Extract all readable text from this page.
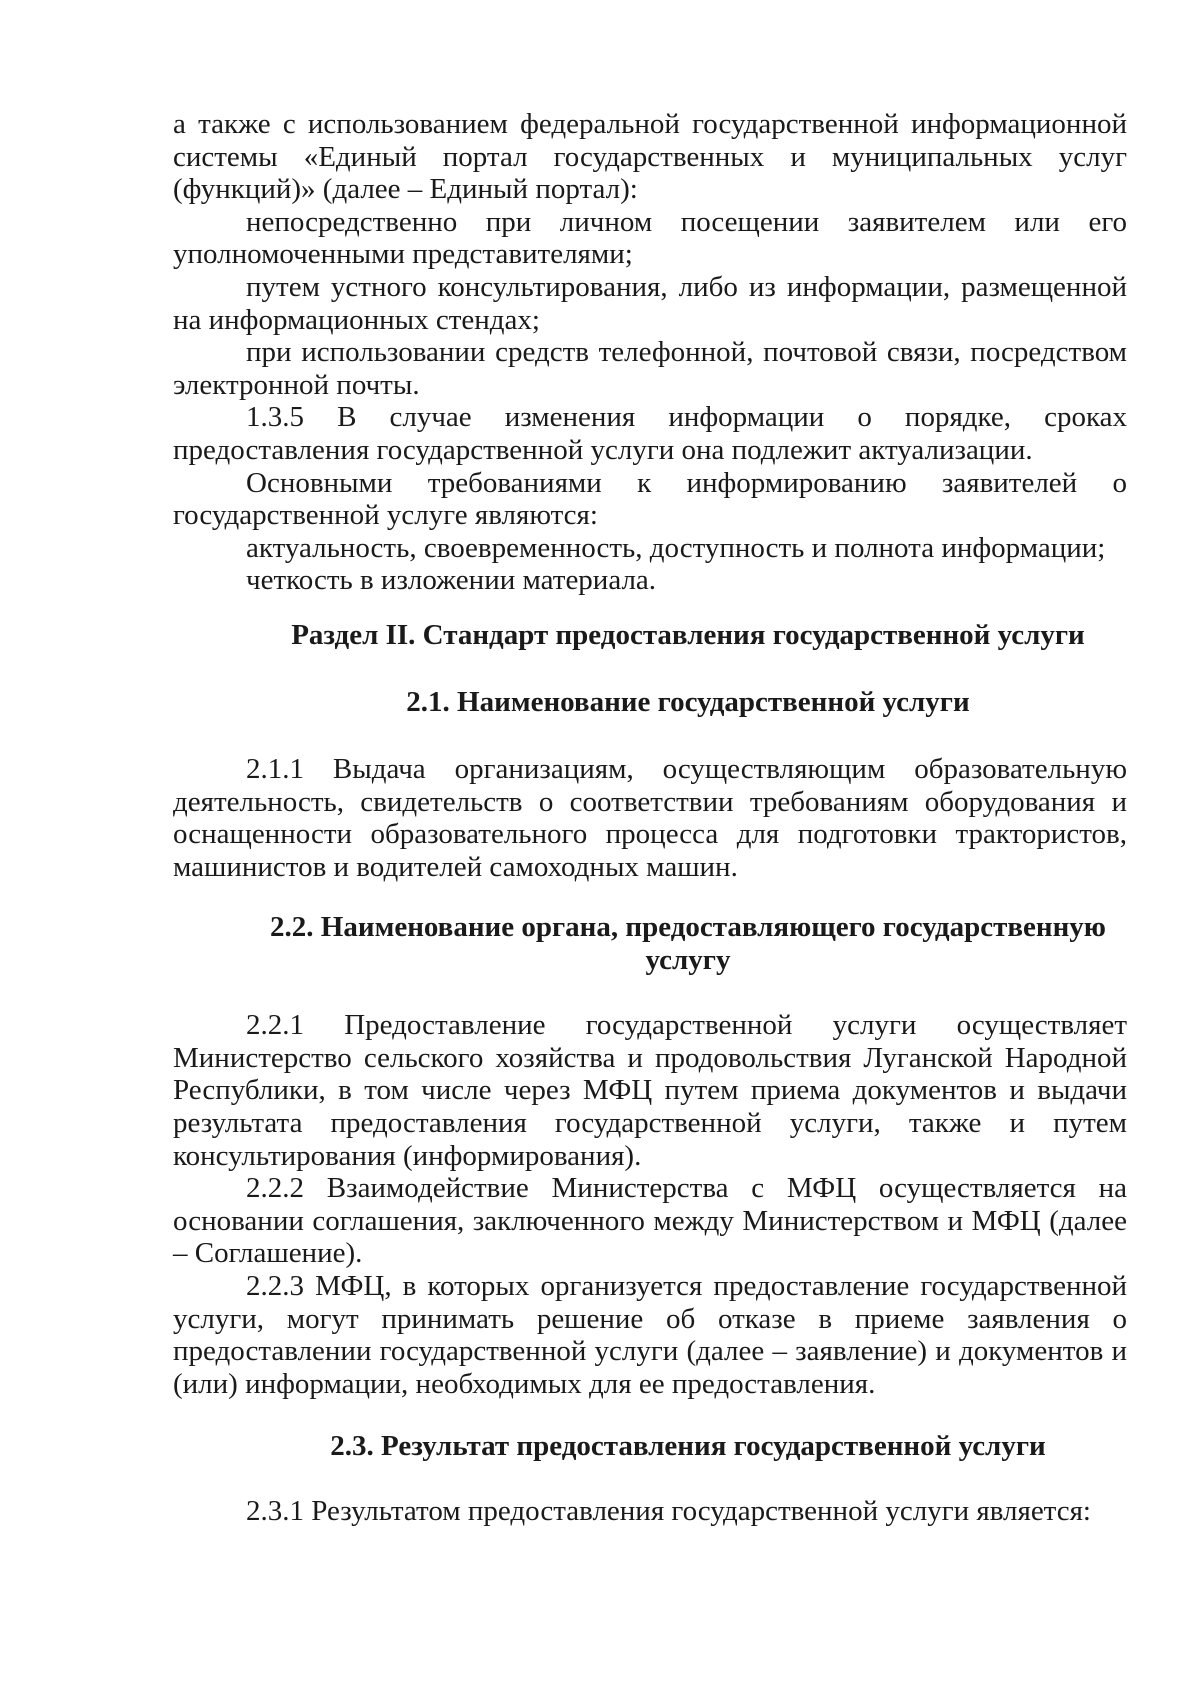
а также с использованием федеральной государственной информационной системы «Единый портал государственных и муниципальных услуг (функций)» (далее – Единый портал):

непосредственно при личном посещении заявителем или его уполномоченными представителями;

путем устного консультирования, либо из информации, размещенной на информационных стендах;

при использовании средств телефонной, почтовой связи, посредством электронной почты.

1.3.5 В случае изменения информации о порядке, сроках предоставления государственной услуги она подлежит актуализации.

Основными требованиями к информированию заявителей о государственной услуге являются:

актуальность, своевременность, доступность и полнота информации;

четкость в изложении материала.

Раздел II. Стандарт предоставления государственной услуги
2.1. Наименование государственной услуги

2.1.1 Выдача организациям, осуществляющим образовательную деятельность, свидетельств о соответствии требованиям оборудования и оснащенности образовательного процесса для подготовки трактористов, машинистов и водителей самоходных машин.

2.2. Наименование органа, предоставляющего государственную услугу

2.2.1 Предоставление государственной услуги осуществляет Министерство сельского хозяйства и продовольствия Луганской Народной Республики, в том числе через МФЦ путем приема документов и выдачи результата предоставления государственной услуги, также и путем консультирования (информирования).

2.2.2 Взаимодействие Министерства с МФЦ осуществляется на основании соглашения, заключенного между Министерством и МФЦ (далее – Соглашение).

2.2.3 МФЦ, в которых организуется предоставление государственной услуги, могут принимать решение об отказе в приеме заявления о предоставлении государственной услуги (далее – заявление) и документов и (или) информации, необходимых для ее предоставления.

2.3. Результат предоставления государственной услуги

2.3.1 Результатом предоставления государственной услуги является:
